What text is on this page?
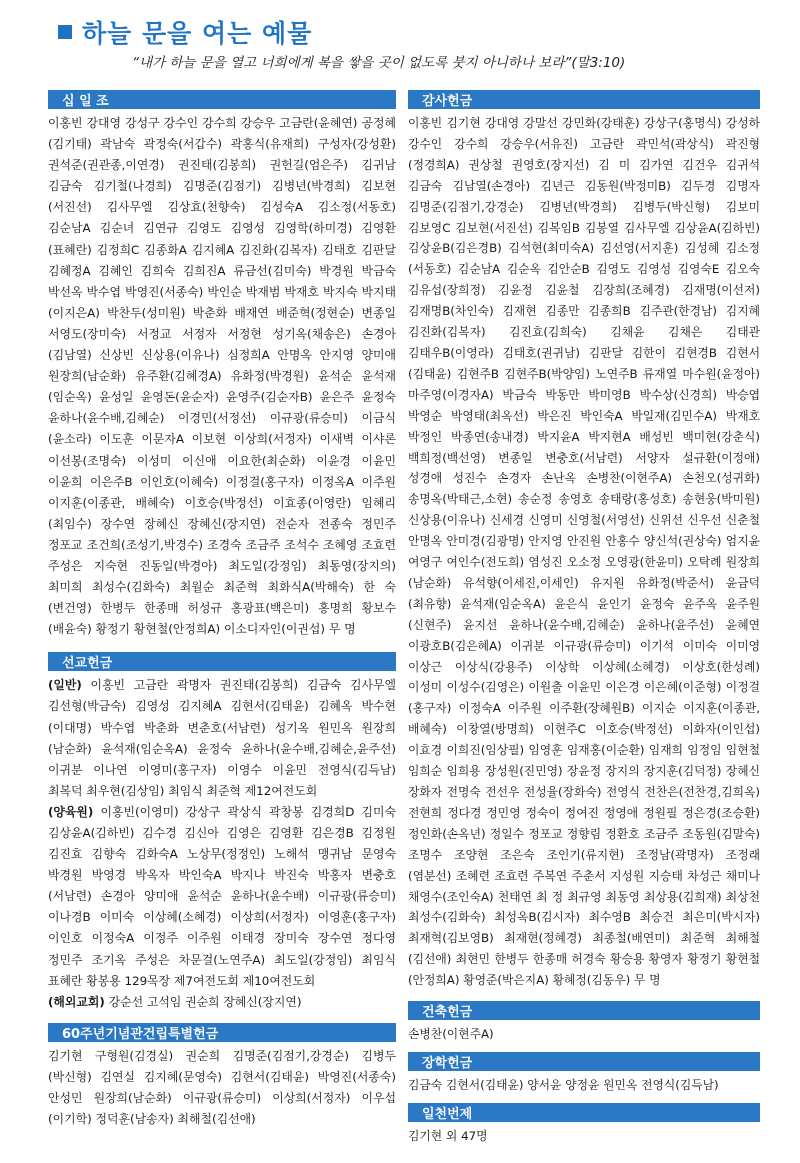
하늘 문을 여는 예물
“내가 하늘 문을 열고 너희에게 복을 쌓을 곳이 없도록 붓지 아니하나 보라”(말3:10)
십 일 조
이홍빈 강대영 강성구 강수인 강수희 강승우 고금란(윤혜연) 공정혜(김기태) 곽남숙 곽정숙(서갑수) 곽홍식(유재희) 구성자(강성환) 권석준(권관종,이연경) 권진태(김봉희) 권헌길(엄은주) 김귀남 김금숙 김기철(나경희) 김명준(김점기) 김병년(박경희) 김보현(서진선) 김사무엘 김상효(천향숙) 김성숙A 김소정(서동호) 김순남A 김순녀 김연규 김영도 김영성 김영학(하미경) 김영환(표혜란) 김정희C 김종화A 김지혜A 김진화(김복자) 김태호 김판달 김혜정A 김혜인 김희숙 김희진A 류금선(김미숙) 박경원 박금숙 박선옥 박수엽 박영진(서종숙) 박인순 박재범 박재호 박지숙 박지태(이지은A) 박찬두(성미원) 박춘화 배재연 배준혁(정현순) 변종일 서영도(장미숙) 서정교 서정자 서정현 성기옥(채송은) 손경아(김남열) 신상빈 신상용(이유나) 심정희A 안명옥 안지영 양미애 원장희(남순화) 유주환(김혜경A) 유화정(박경원) 윤석순 윤석재(임순옥) 윤성일 윤영돈(윤순자) 윤영주(김순자B) 윤은주 윤정숙 윤하나(윤수배,김혜순) 이경민(서정선) 이규광(류승미) 이금식(윤소라) 이도훈 이문자A 이보현 이상희(서정자) 이새벽 이샤론 이선봉(조명숙) 이성미 이신애 이요한(최순화) 이윤경 이윤민 이윤희 이은주B 이인호(이혜숙) 이정걸(홍구자) 이정옥A 이주원 이지훈(이종관, 배혜숙) 이호승(박정선) 이효종(이영란) 임혜리(최임수) 장수연 장혜신 장혜신(장지연) 전순자 전종숙 정민주 정포교 조건희(조성기,박경수) 조경숙 조금주 조석수 조혜영 조효련 주성은 지숙현 진동일(박경아) 최도일(강정임) 최동영(장지의) 최미희 최성수(김화숙) 최월순 최준혁 최화식A(박해숙) 한 숙(변건영) 한병두 한종매 허성규 홍광표(백은미) 홍명희 황보수(배윤숙) 황정기 황현철(안정희A) 이소디자인(이권섭) 무 명
선교헌금
(일반) 이홍빈 고금란 곽명자 권진태(김봉희) 김금숙 김사무엘 김선형(박금숙) 김영성 김지혜A 김현서(김태윤) 김혜옥 박수현(이대명) 박수엽 박춘화 변춘호(서남련) 성기옥 원민옥 원장희(남순화) 윤석재(임순옥A) 윤정숙 윤하나(윤수배,김혜순,윤주선) 이귀분 이나연 이영미(홍구자) 이영수 이윤민 전영식(김득남) 최복덕 최우현(김상임) 최임식 최준혁 제12여전도회
(양육원) 이홍빈(이영미) 강상구 곽상식 곽창봉 김경희D 김미숙 김상윤A(김하빈) 김수경 김신아 김영은 김영환 김은경B 김정원 김진효 김향숙 김화숙A 노상무(정정인) 노해석 맹귀남 문영숙 박경원 박영경 박옥자 박인숙A 박지나 박진숙 박홍자 변충호(서남련) 손경아 양미애 윤석순 윤하나(윤수배) 이규광(류승미) 이나경B 이미숙 이상혜(소혜경) 이상희(서정자) 이영훈(홍구자) 이인호 이정숙A 이정주 이주원 이태경 장미숙 장수연 정다영 정민주 조기옥 주성은 차문걸(노연주A) 최도일(강정임) 최임식 표혜란 황봉용 129목장 제7여전도회 제10여전도회
(해외교회) 강순선 고석임 권순희 장혜신(장지연)
60주년기념관건립특별헌금
김기현 구형원(김경실) 권순희 김명준(김점기,강경순) 김병두(박신형) 김연실 김지혜(문영숙) 김현서(김태윤) 박영진(서종숙) 안성민 원장희(남순화) 이규광(류승미) 이상희(서정자) 이우섭(이기학) 정덕훈(남송자) 최해철(김선애)
감사헌금
이홍빈 김기현 강대영 강말선 강민화(강태훈) 강상구(홍명식) 강성하 강수인 강수희 강승우(서유진) 고금란 곽민석(곽상식) 곽진형(정경희A) 권상철 권영호(장지선) 김 미 김가연 김건우 김귀석 김금숙 김남열(손경아) 김년근 김동원(박정미B) 김두경 김명자 김명준(김점기,강경순) 김병년(박경희) 김병두(박신형) 김보미 김보영C 김보현(서진선) 김복임B 김봉열 김사무엘 김상윤A(김하빈) 김상윤B(김은경B) 김석현(최미숙A) 김선영(서지훈) 김성혜 김소정(서동호) 김순남A 김순옥 김안순B 김영도 김영성 김영숙E 김오숙 김유섭(장희정) 김윤정 김윤철 김장희(조혜경) 김재명(이선저) 김재명B(차인숙) 김재현 김종만 김종희B 김주관(한경남) 김지혜 김진화(김복자) 김진효(김희숙) 김채윤 김채은 김태관 김태우B(이영라) 김태호(권귀남) 김판달 김한이 김현경B 김현서(김태윤) 김현주B 김현주B(박양임) 노연주B 류재열 마수원(윤정아) 마주영(이경자A) 박금숙 박동만 박미영B 박수상(신경희) 박승엽 박영순 박영태(최옥선) 박은진 박인숙A 박일재(김민수A) 박재호 박정인 박종연(송내경) 박지윤A 박지현A 배성빈 백미현(강춘식) 백희정(백선영) 변종일 변충호(서남련) 서양자 설규환(이정애) 성경애 성진수 손경자 손난옥 손병찬(이현주A) 손천오(성귀화) 송명옥(박태근,소현) 송순정 송영호 송태랑(홍성호) 송현웅(박미원) 신상용(이유나) 신세경 신영미 신영철(서영선) 신위선 신우선 신춘철 안명옥 안미경(김광명) 안지영 안진원 안홍수 양신석(권상숙) 엄지윤 여영구 여인수(전도희) 염성진 오소정 오영광(한윤미) 오탁례 원장희(남순화) 유석향(이세진,이세인) 유지원 유화정(박준서) 윤금덕(최유향) 윤석재(임순옥A) 윤은식 윤인기 윤정숙 윤주옥 윤주원(신현주) 윤지선 윤하나(윤수배,김혜순) 윤하나(윤주선) 윤혜연 이광호B(김은혜A) 이귀분 이규광(류승미) 이기석 이미숙 이미영 이상근 이상식(강용주) 이상학 이상혜(소혜경) 이상호(한성례) 이성미 이성수(김영은) 이원출 이윤민 이은경 이은혜(이준형) 이정걸(홍구자) 이정숙A 이주원 이주환(장혜원B) 이지순 이지훈(이종관, 배혜숙) 이창열(방명희) 이현주C 이호승(박정선) 이화자(이인섭) 이효경 이희진(임상필) 임영훈 임재홍(이순환) 임재희 임정임 임현철 임희순 임희용 장성원(진민영) 장윤정 장지의 장지훈(김덕정) 장혜신 장화자 전명숙 전선우 전성율(장화숙) 전영식 전찬은(전찬경,김희옥) 전현희 정다경 정민영 정숙이 정여진 정영애 정원필 정은경(조승환) 정인화(손옥년) 정일수 정포교 정향림 정환호 조금주 조동원(김말숙) 조명수 조양현 조은숙 조인기(류지현) 조정남(곽명자) 조정래(염분선) 조혜련 조효련 주복연 주춘서 지성원 지승태 차성근 채미나 채영수(조인숙A) 천태연 최 정 최규영 최동영 최상용(김희재) 최상천 최성수(김화숙) 최성옥B(김시자) 최수영B 최승건 최은미(박시자) 최재혁(김보영B) 최재현(정혜경) 최종철(배연미) 최준혁 최해철(김선애) 최현민 한병두 한종매 허경숙 황승용 황영자 황정기 황현철(안정희A) 황영준(박은지A) 황혜정(김동우) 무 명
건축헌금
손병찬(이현주A)
장학헌금
김금숙 김현서(김태윤) 양서윤 양정윤 원민옥 전영식(김득남)
일천번제
김기현 외 47명
